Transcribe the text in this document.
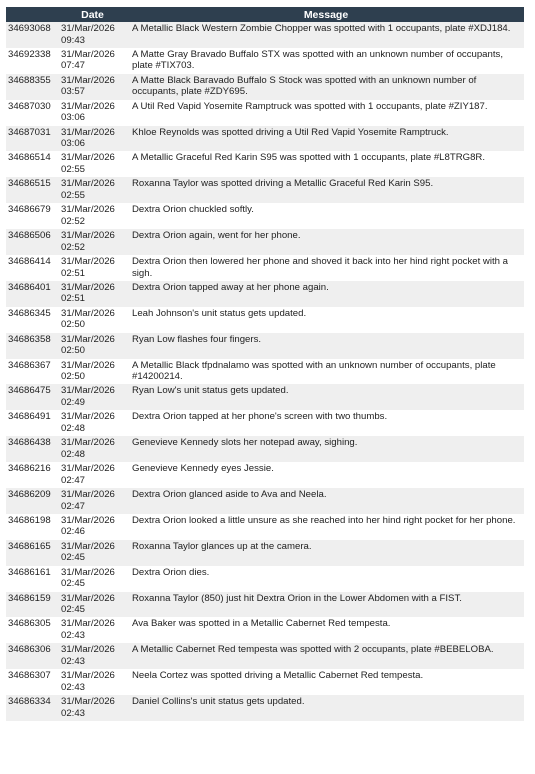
	Date	Message
34693068	31/Mar/2026 09:43	A Metallic Black Western Zombie Chopper was spotted with 1 occupants, plate #XDJ184.
34692338	31/Mar/2026 07:47	A Matte Gray Bravado Buffalo STX was spotted with an unknown number of occupants, plate #TIX703.
34688355	31/Mar/2026 03:57	A Matte Black Baravado Buffalo S Stock was spotted with an unknown number of occupants, plate #ZDY695.
34687030	31/Mar/2026 03:06	A Util Red Vapid Yosemite Ramptruck was spotted with 1 occupants, plate #ZIY187.
34687031	31/Mar/2026 03:06	Khloe Reynolds was spotted driving a Util Red Vapid Yosemite Ramptruck.
34686514	31/Mar/2026 02:55	A Metallic Graceful Red Karin S95 was spotted with 1 occupants, plate #L8TRG8R.
34686515	31/Mar/2026 02:55	Roxanna Taylor was spotted driving a Metallic Graceful Red Karin S95.
34686679	31/Mar/2026 02:52	Dextra Orion chuckled softly.
34686506	31/Mar/2026 02:52	Dextra Orion again, went for her phone.
34686414	31/Mar/2026 02:51	Dextra Orion then lowered her phone and shoved it back into her hind right pocket with a sigh.
34686401	31/Mar/2026 02:51	Dextra Orion tapped away at her phone again.
34686345	31/Mar/2026 02:50	Leah Johnson's unit status gets updated.
34686358	31/Mar/2026 02:50	Ryan Low flashes four fingers.
34686367	31/Mar/2026 02:50	A Metallic Black tfpdnalamo was spotted with an unknown number of occupants, plate #14200214.
34686475	31/Mar/2026 02:49	Ryan Low's unit status gets updated.
34686491	31/Mar/2026 02:48	Dextra Orion tapped at her phone's screen with two thumbs.
34686438	31/Mar/2026 02:48	Genevieve Kennedy slots her notepad away, sighing.
34686216	31/Mar/2026 02:47	Genevieve Kennedy eyes Jessie.
34686209	31/Mar/2026 02:47	Dextra Orion glanced aside to Ava and Neela.
34686198	31/Mar/2026 02:46	Dextra Orion looked a little unsure as she reached into her hind right pocket for her phone.
34686165	31/Mar/2026 02:45	Roxanna Taylor glances up at the camera.
34686161	31/Mar/2026 02:45	Dextra Orion dies.
34686159	31/Mar/2026 02:45	Roxanna Taylor (850) just hit Dextra Orion in the Lower Abdomen with a FIST.
34686305	31/Mar/2026 02:43	Ava Baker was spotted in a Metallic Cabernet Red tempesta.
34686306	31/Mar/2026 02:43	A Metallic Cabernet Red tempesta was spotted with 2 occupants, plate #BEBELOBA.
34686307	31/Mar/2026 02:43	Neela Cortez was spotted driving a Metallic Cabernet Red tempesta.
34686334	31/Mar/2026 02:43	Daniel Collins's unit status gets updated.
